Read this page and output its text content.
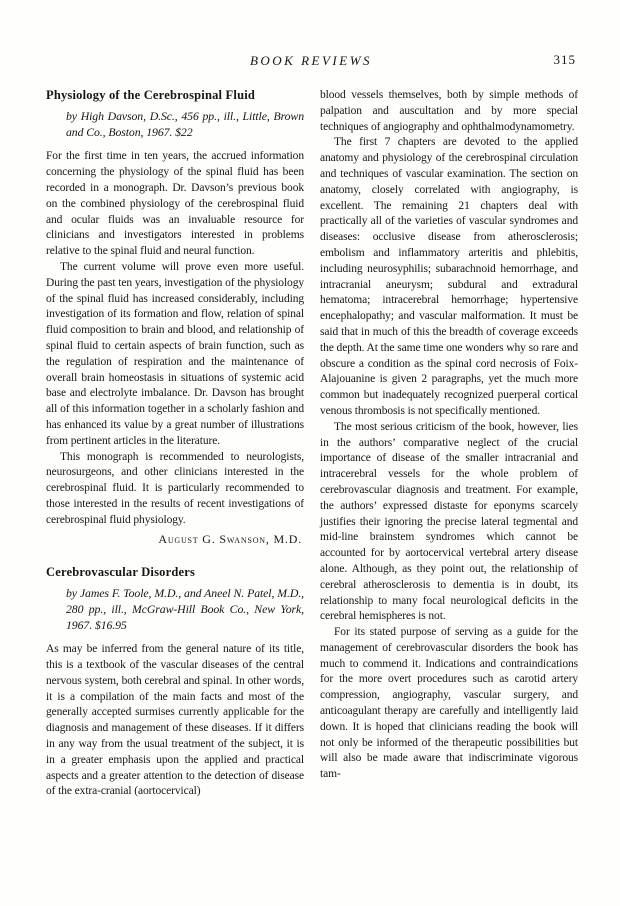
BOOK REVIEWS	315
Physiology of the Cerebrospinal Fluid

by High Davson, D.Sc., 456 pp., ill., Little, Brown and Co., Boston, 1967. $22

For the first time in ten years, the accrued information concerning the physiology of the spinal fluid has been recorded in a monograph. Dr. Davson’s previous book on the combined physiology of the cerebrospinal fluid and ocular fluids was an invaluable resource for clinicians and investigators interested in problems relative to the spinal fluid and neural function.

The current volume will prove even more useful. During the past ten years, investigation of the physiology of the spinal fluid has increased considerably, including investigation of its formation and flow, relation of spinal fluid composition to brain and blood, and relationship of spinal fluid to certain aspects of brain function, such as the regulation of respiration and the maintenance of overall brain homeostasis in situations of systemic acid base and electrolyte imbalance. Dr. Davson has brought all of this information together in a scholarly fashion and has enhanced its value by a great number of illustrations from pertinent articles in the literature.

This monograph is recommended to neurologists, neurosurgeons, and other clinicians interested in the cerebrospinal fluid. It is particularly recommended to those interested in the results of recent investigations of cerebrospinal fluid physiology.

August G. Swanson, M.D.

Cerebrovascular Disorders

by James F. Toole, M.D., and Aneel N. Patel, M.D., 280 pp., ill., McGraw-Hill Book Co., New York, 1967. $16.95

As may be inferred from the general nature of its title, this is a textbook of the vascular diseases of the central nervous system, both cerebral and spinal. In other words, it is a compilation of the main facts and most of the generally accepted surmises currently applicable for the diagnosis and management of these diseases. If it differs in any way from the usual treatment of the subject, it is in a greater emphasis upon the applied and practical aspects and a greater attention to the detection of disease of the extra-cranial (aortocervical)

blood vessels themselves, both by simple methods of palpation and auscultation and by more special techniques of angiography and ophthalmodynamometry.

The first 7 chapters are devoted to the applied anatomy and physiology of the cerebrospinal circulation and techniques of vascular examination. The section on anatomy, closely correlated with angiography, is excellent. The remaining 21 chapters deal with practically all of the varieties of vascular syndromes and diseases: occlusive disease from atherosclerosis; embolism and inflammatory arteritis and phlebitis, including neurosyphilis; subarachnoid hemorrhage, and intracranial aneurysm; subdural and extradural hematoma; intracerebral hemorrhage; hypertensive encephalopathy; and vascular malformation. It must be said that in much of this the breadth of coverage exceeds the depth. At the same time one wonders why so rare and obscure a condition as the spinal cord necrosis of Foix-Alajouanine is given 2 paragraphs, yet the much more common but inadequately recognized puerperal cortical venous thrombosis is not specifically mentioned.

The most serious criticism of the book, however, lies in the authors’ comparative neglect of the crucial importance of disease of the smaller intracranial and intracerebral vessels for the whole problem of cerebrovascular diagnosis and treatment. For example, the authors’ expressed distaste for eponyms scarcely justifies their ignoring the precise lateral tegmental and mid-line brainstem syndromes which cannot be accounted for by aortocervical vertebral artery disease alone. Although, as they point out, the relationship of cerebral atherosclerosis to dementia is in doubt, its relationship to many focal neurological deficits in the cerebral hemispheres is not.

For its stated purpose of serving as a guide for the management of cerebrovascular disorders the book has much to commend it. Indications and contraindications for the more overt procedures such as carotid artery compression, angiography, vascular surgery, and anticoagulant therapy are carefully and intelligently laid down. It is hoped that clinicians reading the book will not only be informed of the therapeutic possibilities but will also be made aware that indiscriminate vigorous tam-
